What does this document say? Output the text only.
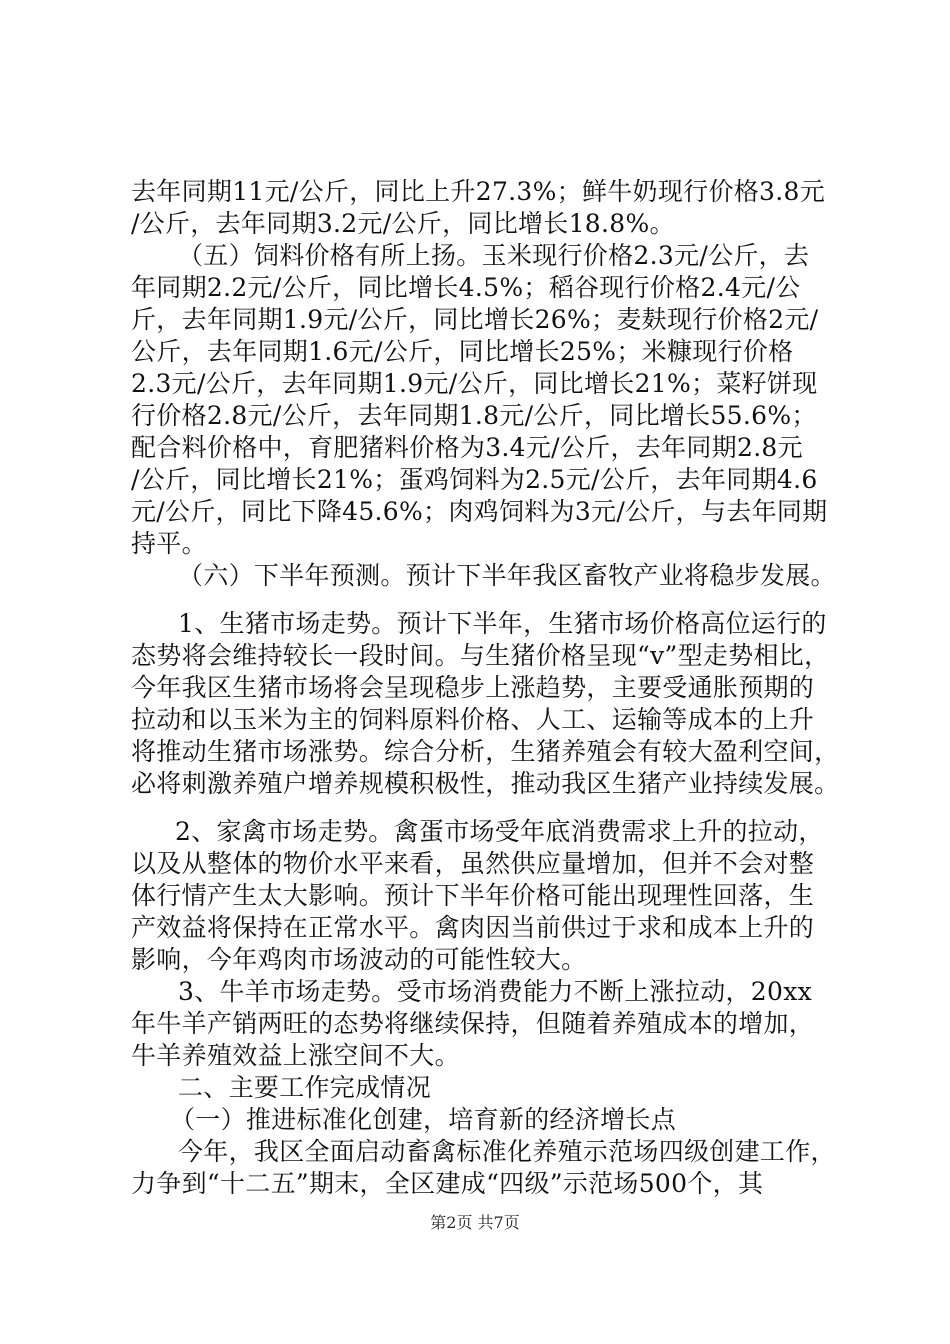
去年同期11元/公斤，同比上升27.3%；鲜牛奶现行价格3.8元
/公斤，去年同期3.2元/公斤，同比增长18.8%。
（五）饲料价格有所上扬。玉米现行价格2.3元/公斤，去
年同期2.2元/公斤，同比增长4.5%；稻谷现行价格2.4元/公
斤，去年同期1.9元/公斤，同比增长26%；麦麸现行价格2元/
公斤，去年同期1.6元/公斤，同比增长25%；米糠现行价格
2.3元/公斤，去年同期1.9元/公斤，同比增长21%；菜籽饼现
行价格2.8元/公斤，去年同期1.8元/公斤，同比增长55.6%；
配合料价格中，育肥猪料价格为3.4元/公斤，去年同期2.8元
/公斤，同比增长21%；蛋鸡饲料为2.5元/公斤，去年同期4.6
元/公斤，同比下降45.6%；肉鸡饲料为3元/公斤，与去年同期
持平。
（六）下半年预测。预计下半年我区畜牧产业将稳步发展。
1、生猪市场走势。预计下半年，生猪市场价格高位运行的
态势将会维持较长一段时间。与生猪价格呈现“v”型走势相比，
今年我区生猪市场将会呈现稳步上涨趋势，主要受通胀预期的
拉动和以玉米为主的饲料原料价格、人工、运输等成本的上升
将推动生猪市场涨势。综合分析，生猪养殖会有较大盈利空间，
必将刺激养殖户增养规模积极性，推动我区生猪产业持续发展。
2、家禽市场走势。禽蛋市场受年底消费需求上升的拉动，
以及从整体的物价水平来看，虽然供应量增加，但并不会对整
体行情产生太大影响。预计下半年价格可能出现理性回落，生
产效益将保持在正常水平。禽肉因当前供过于求和成本上升的
影响，今年鸡肉市场波动的可能性较大。
3、牛羊市场走势。受市场消费能力不断上涨拉动，20xx
年牛羊产销两旺的态势将继续保持，但随着养殖成本的增加，
牛羊养殖效益上涨空间不大。
二、主要工作完成情况
（一）推进标准化创建，培育新的经济增长点
今年，我区全面启动畜禽标准化养殖示范场四级创建工作，
力争到“十二五”期末，全区建成“四级”示范场500个，其
第2页 共7页
